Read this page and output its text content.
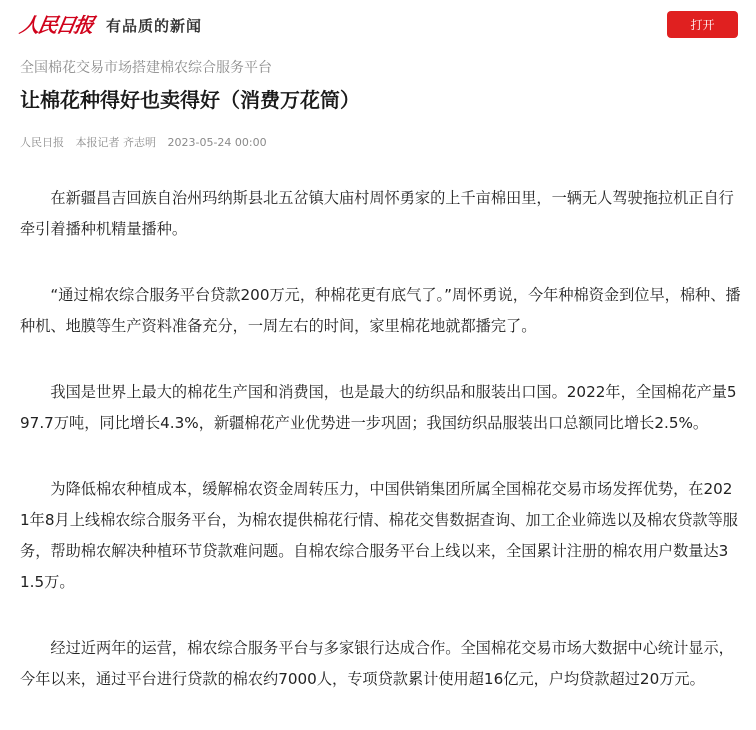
人民日报 有品质的新闻	打开
全国棉花交易市场搭建棉农综合服务平台
让棉花种得好也卖得好（消费万花筒）
人民日报 本报记者 齐志明 2023-05-24 00:00

在新疆昌吉回族自治州玛纳斯县北五岔镇大庙村周怀勇家的上千亩棉田里，一辆无人驾驶拖拉机正自行牵引着播种机精量播种。

“通过棉农综合服务平台贷款200万元，种棉花更有底气了。”周怀勇说，今年种棉资金到位早，棉种、播种机、地膜等生产资料准备充分，一周左右的时间，家里棉花地就都播完了。

我国是世界上最大的棉花生产国和消费国，也是最大的纺织品和服装出口国。2022年，全国棉花产量597.7万吨，同比增长4.3%，新疆棉花产业优势进一步巩固；我国纺织品服装出口总额同比增长2.5%。

为降低棉农种植成本，缓解棉农资金周转压力，中国供销集团所属全国棉花交易市场发挥优势，在2021年8月上线棉农综合服务平台，为棉农提供棉花行情、棉花交售数据查询、加工企业筛选以及棉农贷款等服务，帮助棉农解决种植环节贷款难问题。自棉农综合服务平台上线以来，全国累计注册的棉农用户数量达31.5万。

经过近两年的运营，棉农综合服务平台与多家银行达成合作。全国棉花交易市场大数据中心统计显示，今年以来，通过平台进行贷款的棉农约7000人，专项贷款累计使用超16亿元，户均贷款超过20万元。
